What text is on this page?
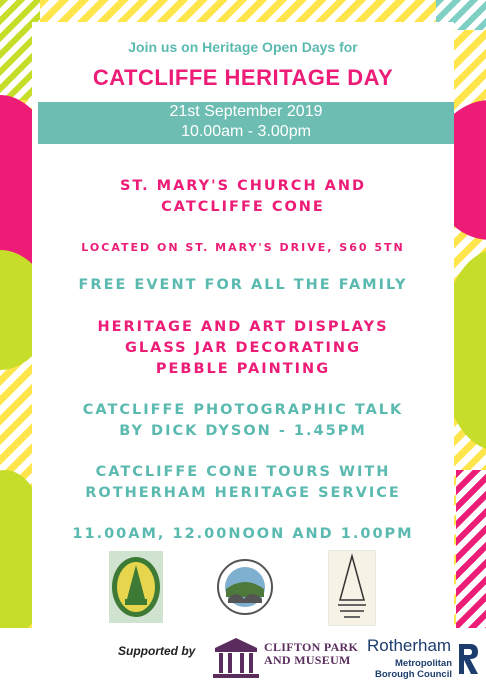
Join us on Heritage Open Days for
CATCLIFFE HERITAGE DAY
21st September 2019
10.00am - 3.00pm
ST. MARY'S CHURCH AND
CATCLIFFE CONE
LOCATED ON ST. MARY'S DRIVE, S60 5TN
FREE EVENT FOR ALL THE FAMILY
HERITAGE AND ART DISPLAYS
GLASS JAR DECORATING
PEBBLE PAINTING
CATCLIFFE PHOTOGRAPHIC TALK
BY DICK DYSON - 1.45PM
CATCLIFFE CONE TOURS WITH
ROTHERHAM HERITAGE SERVICE
11.00AM, 12.00NOON AND 1.00PM
Supported by	CLIFTON PARK
AND MUSEUM
Rotherham
Metropolitan
Borough Council
